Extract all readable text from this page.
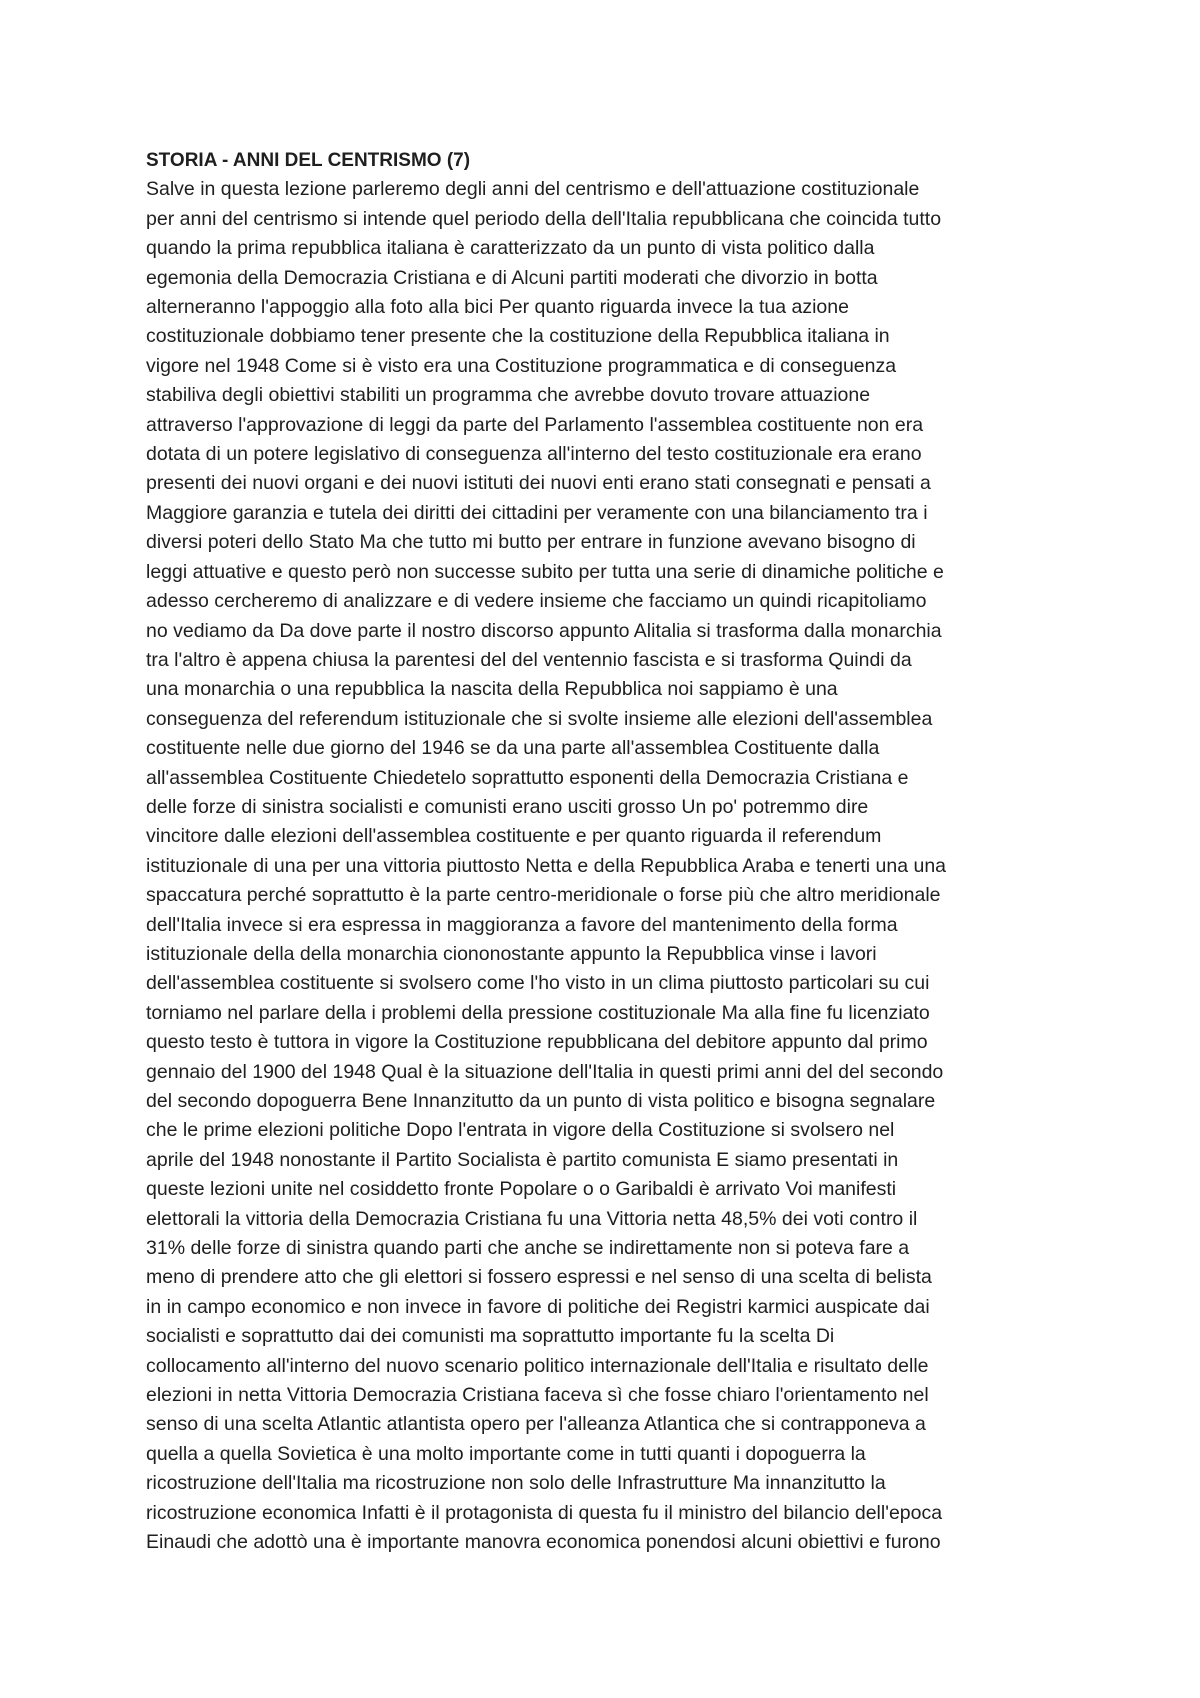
STORIA - ANNI DEL CENTRISMO (7)
Salve in questa lezione parleremo degli anni del centrismo e dell'attuazione costituzionale
per anni del centrismo si intende quel periodo della dell'Italia repubblicana che coincida tutto
quando la prima repubblica italiana è caratterizzato da un punto di vista politico dalla
egemonia della Democrazia Cristiana e di Alcuni partiti moderati che divorzio in botta
alterneranno l'appoggio alla foto alla bici Per quanto riguarda invece la tua azione
costituzionale dobbiamo tener presente che la costituzione della Repubblica italiana in
vigore nel 1948 Come si è visto era una Costituzione programmatica e di conseguenza
stabiliva degli obiettivi stabiliti un programma che avrebbe dovuto trovare attuazione
attraverso l'approvazione di leggi da parte del Parlamento l'assemblea costituente non era
dotata di un potere legislativo di conseguenza all'interno del testo costituzionale era erano
presenti dei nuovi organi e dei nuovi istituti dei nuovi enti erano stati consegnati e pensati a
Maggiore garanzia e tutela dei diritti dei cittadini per veramente con una bilanciamento tra i
diversi poteri dello Stato Ma che tutto mi butto per entrare in funzione avevano bisogno di
leggi attuative e questo però non successe subito per tutta una serie di dinamiche politiche e
adesso cercheremo di analizzare e di vedere insieme che facciamo un quindi ricapitoliamo
no vediamo da Da dove parte il nostro discorso appunto Alitalia si trasforma dalla monarchia
tra l'altro è appena chiusa la parentesi del del ventennio fascista e si trasforma Quindi da
una monarchia o una repubblica la nascita della Repubblica noi sappiamo è una
conseguenza del referendum istituzionale che si svolte insieme alle elezioni dell'assemblea
costituente nelle due giorno del 1946 se da una parte all'assemblea Costituente dalla
all'assemblea Costituente Chiedetelo soprattutto esponenti della Democrazia Cristiana e
delle forze di sinistra socialisti e comunisti erano usciti grosso Un po' potremmo dire
vincitore dalle elezioni dell'assemblea costituente e per quanto riguarda il referendum
istituzionale di una per una vittoria piuttosto Netta e della Repubblica Araba e tenerti una una
spaccatura perché soprattutto è la parte centro-meridionale o forse più che altro meridionale
dell'Italia invece si era espressa in maggioranza a favore del mantenimento della forma
istituzionale della della monarchia ciononostante appunto la Repubblica vinse i lavori
dell'assemblea costituente si svolsero come l'ho visto in un clima piuttosto particolari su cui
torniamo nel parlare della i problemi della pressione costituzionale Ma alla fine fu licenziato
questo testo è tuttora in vigore la Costituzione repubblicana del debitore appunto dal primo
gennaio del 1900 del 1948 Qual è la situazione dell'Italia in questi primi anni del del secondo
del secondo dopoguerra Bene Innanzitutto da un punto di vista politico e bisogna segnalare
che le prime elezioni politiche Dopo l'entrata in vigore della Costituzione si svolsero nel
aprile del 1948 nonostante il Partito Socialista è partito comunista E siamo presentati in
queste lezioni unite nel cosiddetto fronte Popolare o o Garibaldi è arrivato Voi manifesti
elettorali la vittoria della Democrazia Cristiana fu una Vittoria netta 48,5% dei voti contro il
31% delle forze di sinistra quando parti che anche se indirettamente non si poteva fare a
meno di prendere atto che gli elettori si fossero espressi e nel senso di una scelta di belista
in in campo economico e non invece in favore di politiche dei Registri karmici auspicate dai
socialisti e soprattutto dai dei comunisti ma soprattutto importante fu la scelta Di
collocamento all'interno del nuovo scenario politico internazionale dell'Italia e risultato delle
elezioni in netta Vittoria Democrazia Cristiana faceva sì che fosse chiaro l'orientamento nel
senso di una scelta Atlantic atlantista opero per l'alleanza Atlantica che si contrapponeva a
quella a quella Sovietica è una molto importante come in tutti quanti i dopoguerra la
ricostruzione dell'Italia ma ricostruzione non solo delle Infrastrutture Ma innanzitutto la
ricostruzione economica Infatti è il protagonista di questa fu il ministro del bilancio dell'epoca
Einaudi che adottò una è importante manovra economica ponendosi alcuni obiettivi e furono
